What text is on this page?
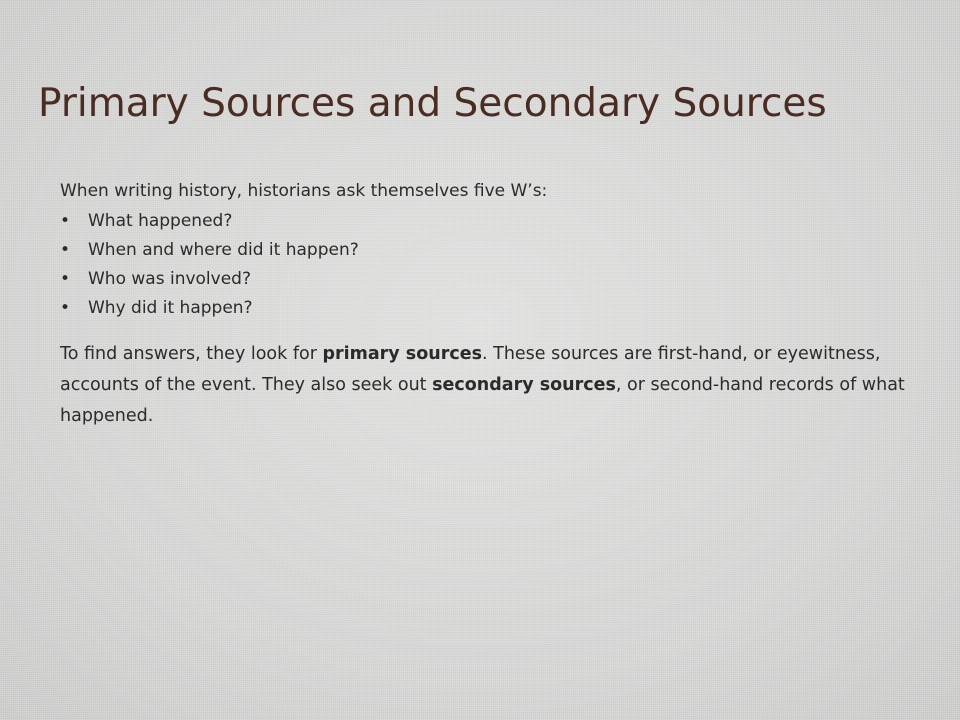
Primary Sources and Secondary Sources

When writing history, historians ask themselves five W’s:

• What happened?
• When and where did it happen?
• Who was involved?
• Why did it happen?

To find answers, they look for primary sources. These sources are first-hand, or eyewitness, accounts of the event. They also seek out secondary sources, or second-hand records of what happened.
